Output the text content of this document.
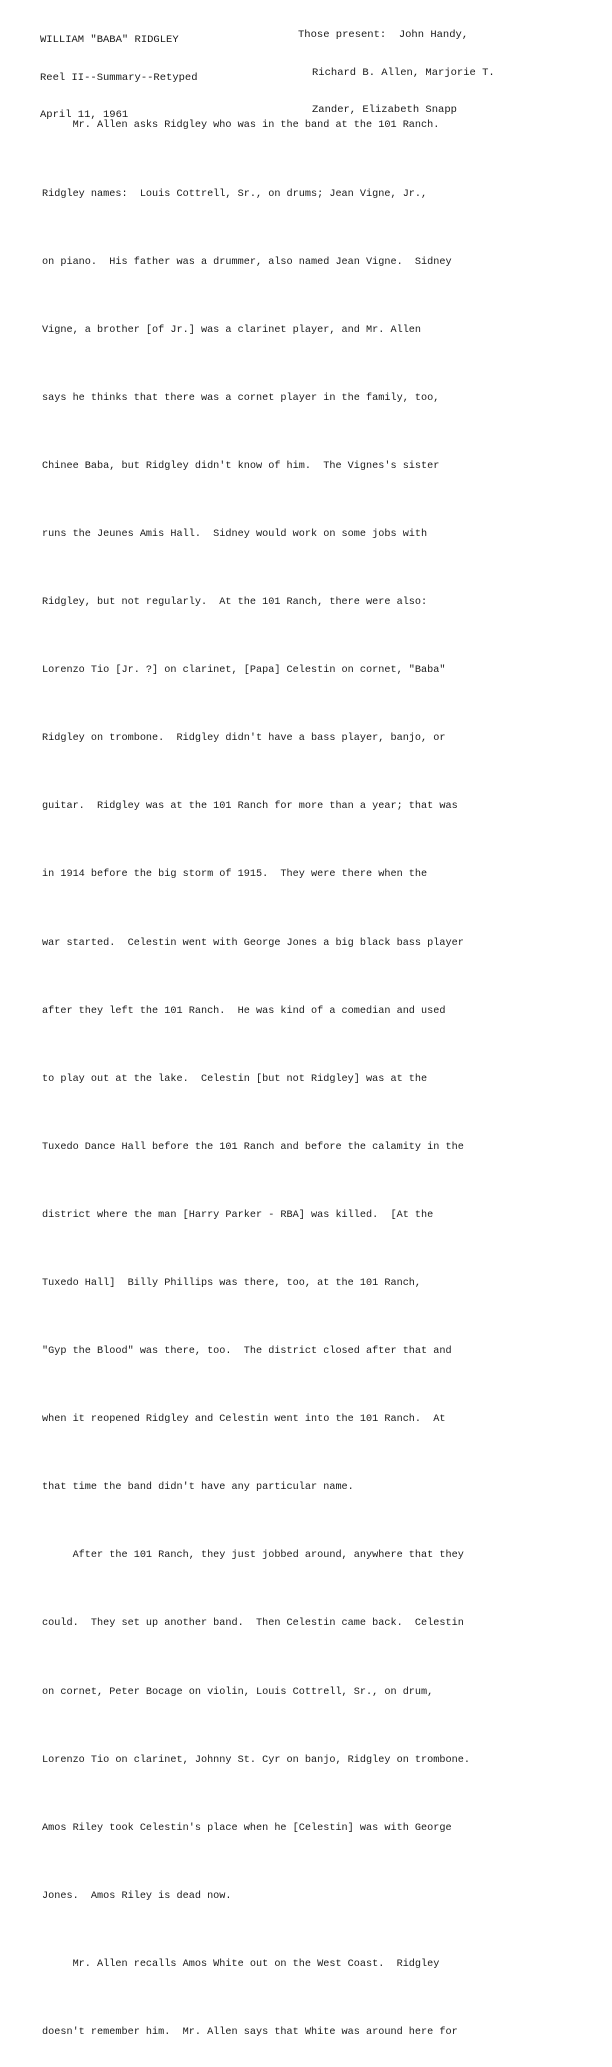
WILLIAM "BABA" RIDGLEY

Reel II--Summary--Retyped

April 11, 1961

Those present:  John Handy,

Richard B. Allen, Marjorie T.

Zander, Elizabeth Snapp

Mr. Allen asks Ridgley who was in the band at the 101 Ranch.

Ridgley names:  Louis Cottrell, Sr., on drums; Jean Vigne, Jr.,

on piano.  His father was a drummer, also named Jean Vigne.  Sidney

Vigne, a brother [of Jr.] was a clarinet player, and Mr. Allen

says he thinks that there was a cornet player in the family, too,

Chinee Baba, but Ridgley didn't know of him.  The Vignes's sister

runs the Jeunes Amis Hall.  Sidney would work on some jobs with

Ridgley, but not regularly.  At the 101 Ranch, there were also:

Lorenzo Tio [Jr. ?] on clarinet, [Papa] Celestin on cornet, "Baba"

Ridgley on trombone.  Ridgley didn't have a bass player, banjo, or

guitar.  Ridgley was at the 101 Ranch for more than a year; that was

in 1914 before the big storm of 1915.  They were there when the

war started.  Celestin went with George Jones a big black bass player

after they left the 101 Ranch.  He was kind of a comedian and used

to play out at the lake.  Celestin [but not Ridgley] was at the

Tuxedo Dance Hall before the 101 Ranch and before the calamity in the

district where the man [Harry Parker - RBA] was killed.  [At the

Tuxedo Hall]  Billy Phillips was there, too, at the 101 Ranch,

"Gyp the Blood" was there, too.  The district closed after that and

when it reopened Ridgley and Celestin went into the 101 Ranch.  At

that time the band didn't have any particular name.

After the 101 Ranch, they just jobbed around, anywhere that they

could.  They set up another band.  Then Celestin came back.  Celestin

on cornet, Peter Bocage on violin, Louis Cottrell, Sr., on drum,

Lorenzo Tio on clarinet, Johnny St. Cyr on banjo, Ridgley on trombone.

Amos Riley took Celestin's place when he [Celestin] was with George

Jones.  Amos Riley is dead now.

Mr. Allen recalls Amos White out on the West Coast.  Ridgley

doesn't remember him.  Mr. Allen says that White was around here for
